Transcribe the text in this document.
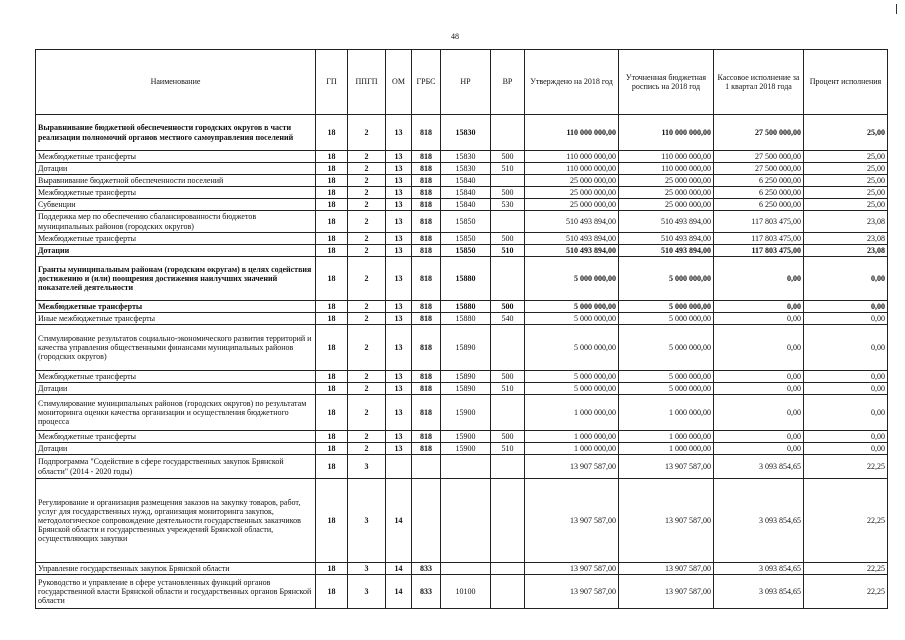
48
Наименование	ГП	ППГП	ОМ	ГРБС	НР	ВР	Утверждено на 2018 год	Уточненная бюджетная роспись на 2018 год	Кассовое исполнение за 1 квартал 2018 года	Процент исполнения
Выравнивание бюджетной обеспеченности городских округов в части реализации полномочий органов местного самоуправления поселений	18	2	13	818	15830		110 000 000,00	110 000 000,00	27 500 000,00	25,00
Межбюджетные трансферты	18	2	13	818	15830	500	110 000 000,00	110 000 000,00	27 500 000,00	25,00
Дотации	18	2	13	818	15830	510	110 000 000,00	110 000 000,00	27 500 000,00	25,00
Выравнивание бюджетной обеспеченности поселений	18	2	13	818	15840		25 000 000,00	25 000 000,00	6 250 000,00	25,00
Межбюджетные трансферты	18	2	13	818	15840	500	25 000 000,00	25 000 000,00	6 250 000,00	25,00
Субвенции	18	2	13	818	15840	530	25 000 000,00	25 000 000,00	6 250 000,00	25,00
Поддержка мер по обеспечению сбалансированности бюджетов муниципальных районов (городских округов)	18	2	13	818	15850		510 493 894,00	510 493 894,00	117 803 475,00	23,08
Межбюджетные трансферты	18	2	13	818	15850	500	510 493 894,00	510 493 894,00	117 803 475,00	23,08
Дотации	18	2	13	818	15850	510	510 493 894,00	510 493 894,00	117 803 475,00	23,08
Гранты муниципальным районам (городским округам) в целях содействия достижению и (или) поощрения достижения наилучших значений показателей деятельности	18	2	13	818	15880		5 000 000,00	5 000 000,00	0,00	0,00
Межбюджетные трансферты	18	2	13	818	15880	500	5 000 000,00	5 000 000,00	0,00	0,00
Иные межбюджетные трансферты	18	2	13	818	15880	540	5 000 000,00	5 000 000,00	0,00	0,00
Стимулирование результатов социально-экономического развития территорий и качества управления общественными финансами муниципальных районов (городских округов)	18	2	13	818	15890		5 000 000,00	5 000 000,00	0,00	0,00
Межбюджетные трансферты	18	2	13	818	15890	500	5 000 000,00	5 000 000,00	0,00	0,00
Дотации	18	2	13	818	15890	510	5 000 000,00	5 000 000,00	0,00	0,00
Стимулирование муниципальных районов (городских округов) по результатам мониторинга оценки качества организации и осуществления бюджетного процесса	18	2	13	818	15900		1 000 000,00	1 000 000,00	0,00	0,00
Межбюджетные трансферты	18	2	13	818	15900	500	1 000 000,00	1 000 000,00	0,00	0,00
Дотации	18	2	13	818	15900	510	1 000 000,00	1 000 000,00	0,00	0,00
Подпрограмма "Содействие в сфере государственных закупок Брянской области" (2014 - 2020 годы)	18	3					13 907 587,00	13 907 587,00	3 093 854,65	22,25
Регулирование и организация размещения заказов на закупку товаров, работ, услуг для государственных нужд, организация мониторинга закупок, методологическое сопровождение деятельности государственных заказчиков Брянской области и государственных учреждений Брянской области, осуществляющих закупки	18	3	14				13 907 587,00	13 907 587,00	3 093 854,65	22,25
Управление государственных закупок Брянской области	18	3	14	833			13 907 587,00	13 907 587,00	3 093 854,65	22,25
Руководство и управление в сфере установленных функций органов государственной власти Брянской области и государственных органов Брянской области	18	3	14	833	10100		13 907 587,00	13 907 587,00	3 093 854,65	22,25
